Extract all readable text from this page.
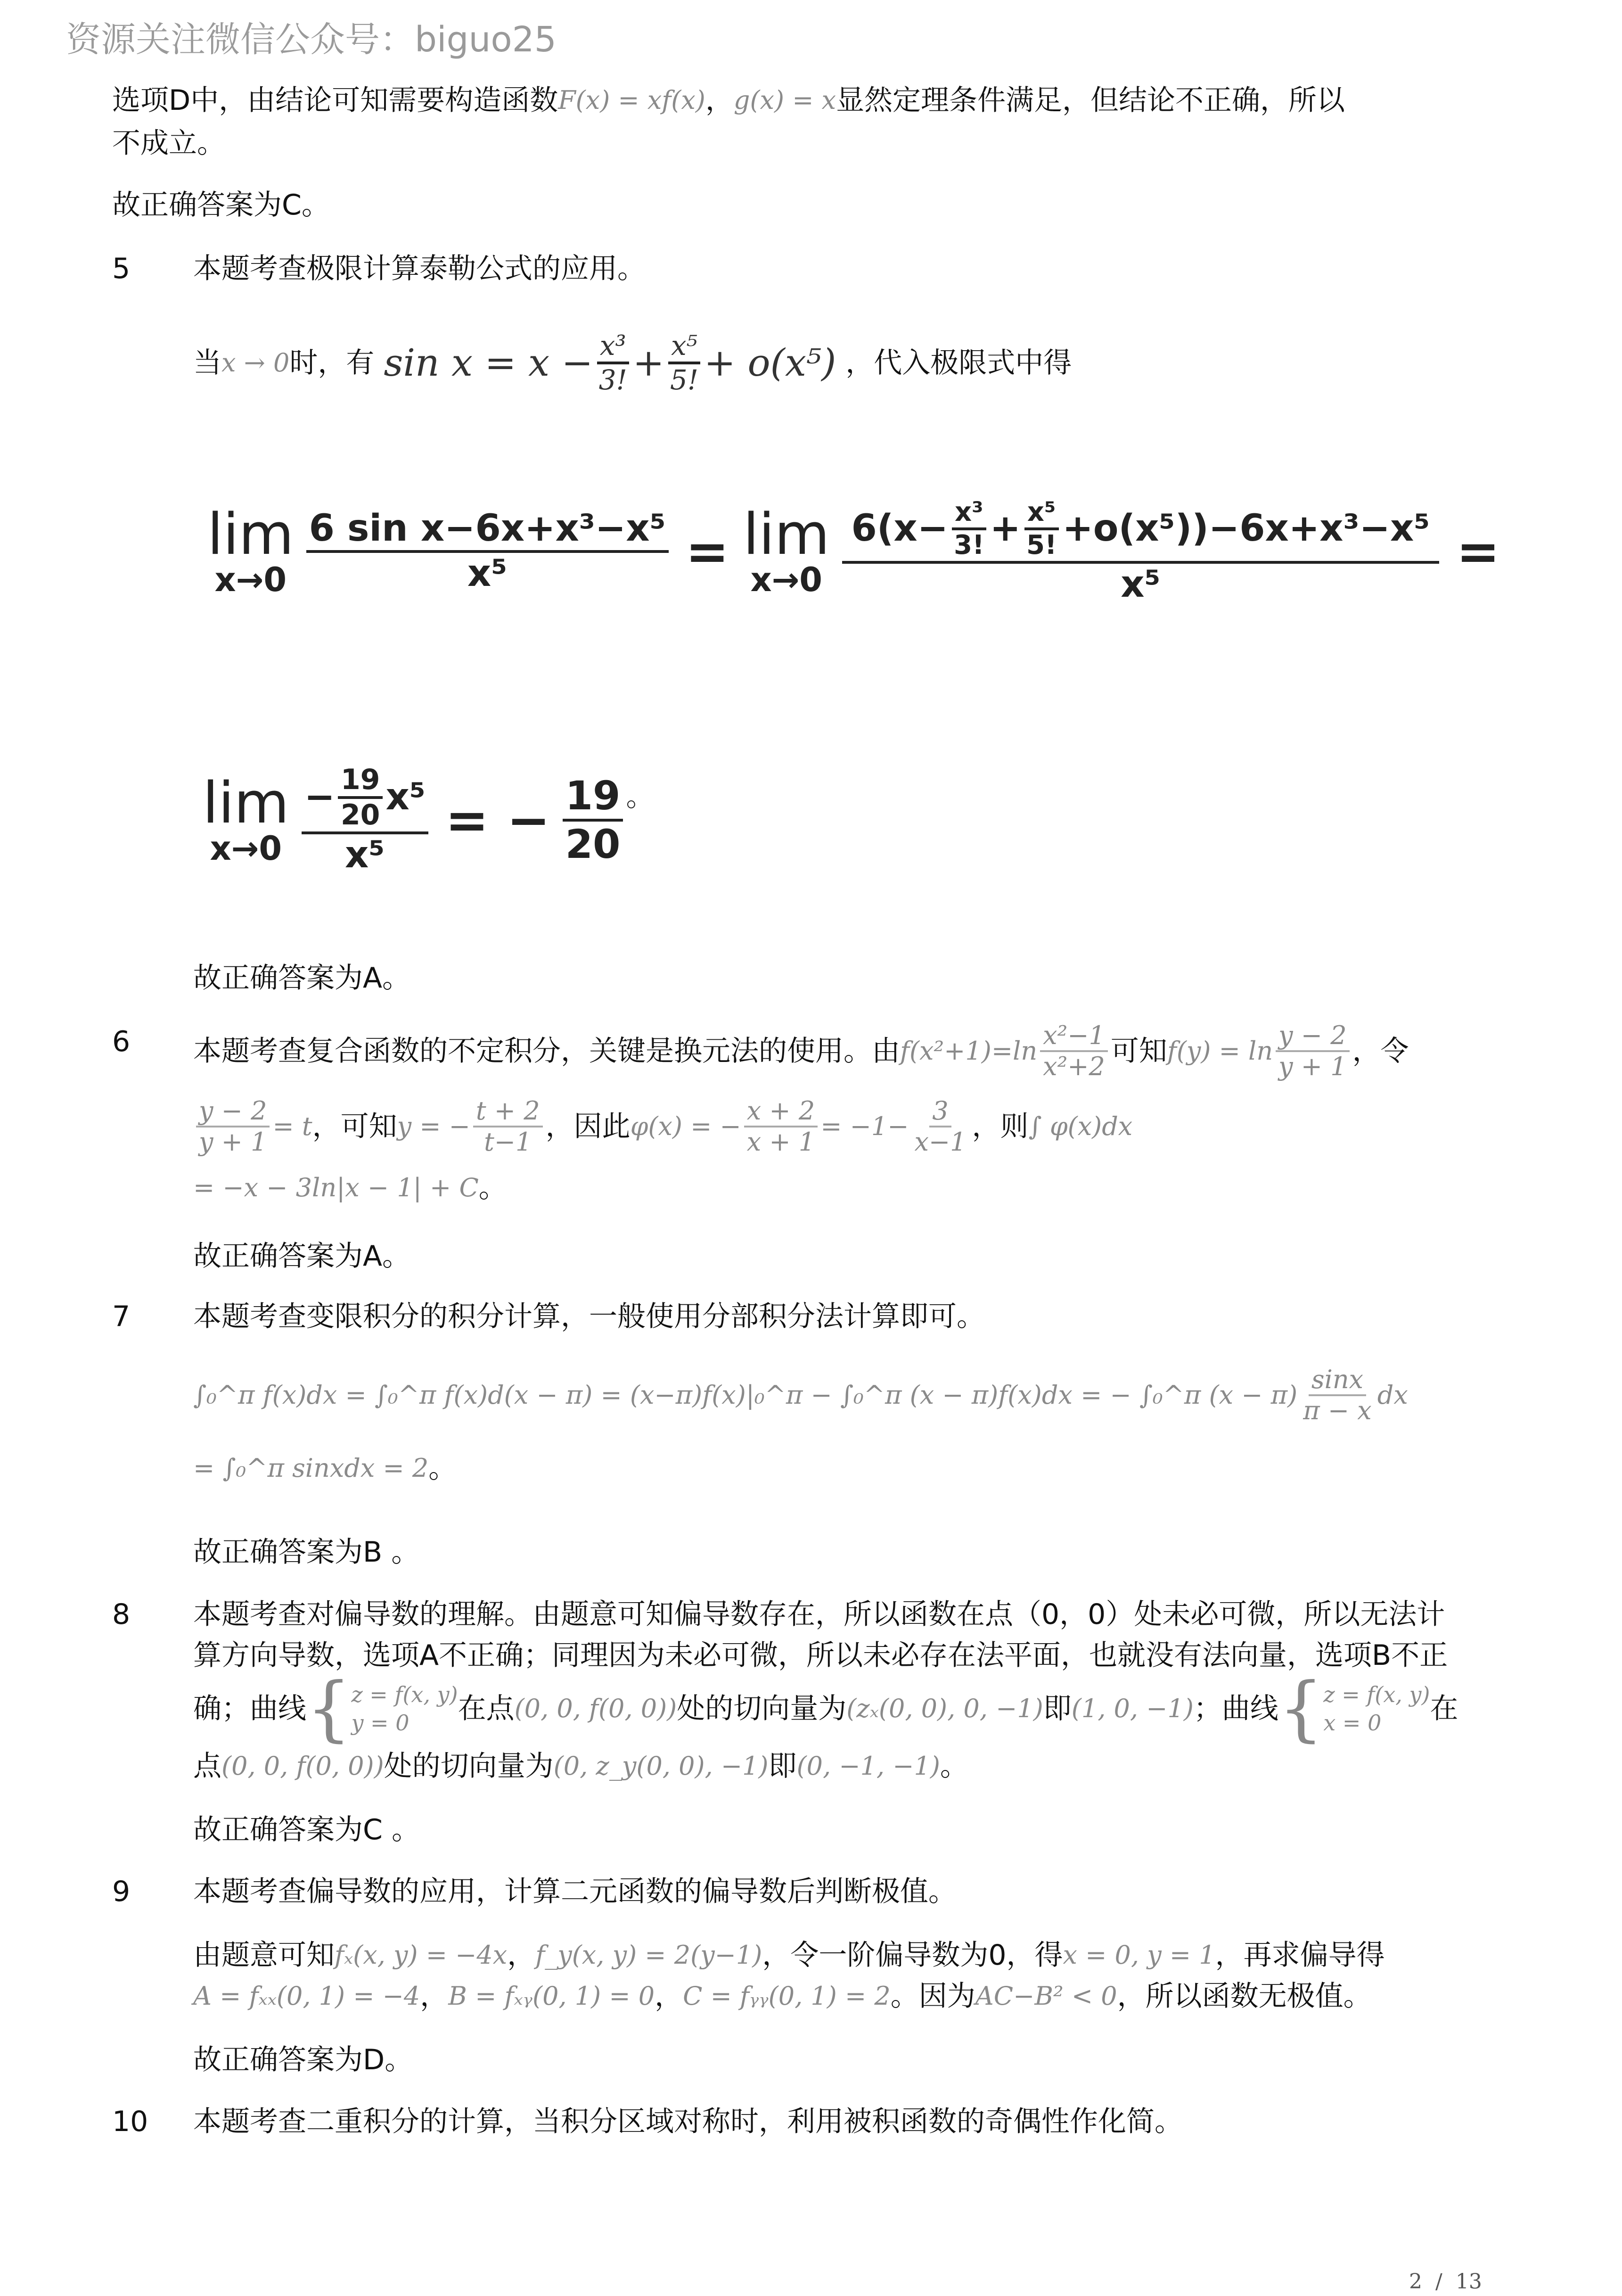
资源关注微信公众号：biguo25
选项D中，由结论可知需要构造函数 F(x) = xf(x) ， g(x) = x 显然定理条件满足，但结论不正确，所以
不成立。
故正确答案为C。
5 本题考查极限计算泰勒公式的应用。
当 x → 0 时，有 $\sin x = x - \frac{\text{x³}}{3!} + \frac{\text{x⁵}}{5!} + o(x^5)$ ，代入极限式中得
lim
$x\to 0 \frac{\text{6 sin x−6x+x³−x⁵}}{\text{x⁵}} = \lim$
$x\to 0 \frac{6(x- \frac{\text{x³}}{3!} + \frac{\text{x⁵}}{5!} +o(x^5))-6x+x^3-x^5}{\text{x⁵}}$ =
lim
$x\to 0 \frac{- \frac{19}{20} x^5}{\text{x⁵}}$ = − $\frac{19}{20}$ 。
故正确答案为A。
6 本题考查复合函数的不定积分，关键是换元法的使用。由 $f(x^2+1)=\ln \frac{\text{x²−1}}{\text{x²+2}}$ 可知 $f(y) = \ln \frac{y - 2}{y + 1}$ ，令
$\frac{y - 2}{y + 1} = t$ ，可知 y = − $\frac{t + 2}{t-1}$ ，因此 φ(x) = − $\frac{x + 2}{x + 1} = -1- \frac{3}{x-1}$ ，则 ∫ φ(x)dx
= −x − 3ln|x − 1| + C 。
故正确答案为A。
7 本题考查变限积分的积分计算，一般使用分部积分法计算即可。
∫₀^π f(x)dx = ∫₀^π f(x)d(x − π) = (x−π)f(x)|₀^π − ∫₀^π (x − π)f(x)dx = − ∫₀^π $(x - \pi) \frac{\sin x}{\pi - x}$ dx
= ∫₀^π sinxdx = 2 。
故正确答案为B 。
8 本题考查对偏导数的理解。由题意可知偏导数存在，所以函数在点（0，0）处未必可微，所以无法计
算方向导数，选项A不正确；同理因为未必可微，所以未必存在法平面，也就没有法向量，选项B不正
确；曲线 { z = f(x, y)
y = 0	在点 (0, 0, f(0, 0)) 处的切向量为 (zₓ(0, 0), 0, −1) 即 (1, 0, −1) ；曲线 { z = f(x, y)
x = 0	在
点 (0, 0, f(0, 0)) 处的切向量为 (0, z_y(0, 0), −1) 即 (0, −1, −1) 。
故正确答案为C 。
9 本题考查偏导数的应用，计算二元函数的偏导数后判断极值。
由题意可知 fₓ(x, y) = −4x ， f_y(x, y) = 2(y−1) ，令一阶偏导数为0，得 x = 0, y = 1 ，再求偏导得
A = fₓₓ(0, 1) = −4 ， B = fₓᵧ(0, 1) = 0 ， C = fᵧᵧ(0, 1) = 2 。因为 AC−B² < 0 ，所以函数无极值。
故正确答案为D。
10 本题考查二重积分的计算，当积分区域对称时，利用被积函数的奇偶性作化简。
2 / 13
